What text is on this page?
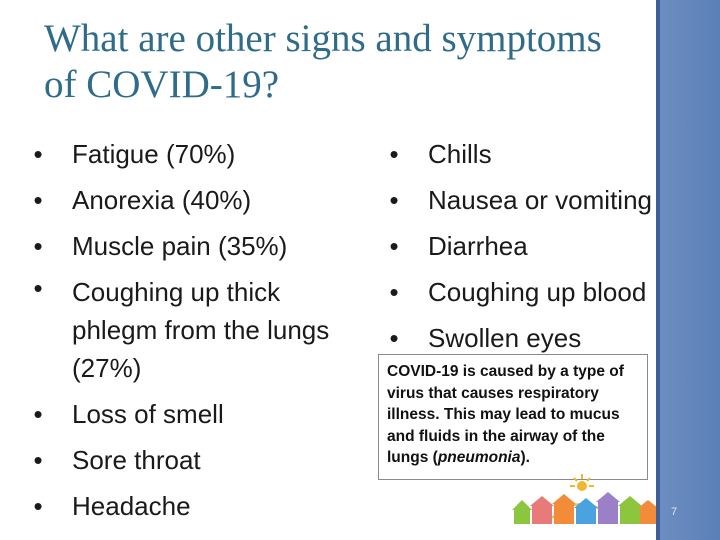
What are other signs and symptoms of COVID-19?
• Fatigue (70%)
• Anorexia (40%)
• Muscle pain (35%)
• Coughing up thick phlegm from the lungs (27%)
• Loss of smell
• Sore throat
• Headache
• Chills
• Nausea or vomiting
• Diarrhea
• Coughing up blood
• Swollen eyes
COVID-19 is caused by a type of virus that causes respiratory illness. This may lead to mucus and fluids in the airway of the lungs (pneumonia).
7
